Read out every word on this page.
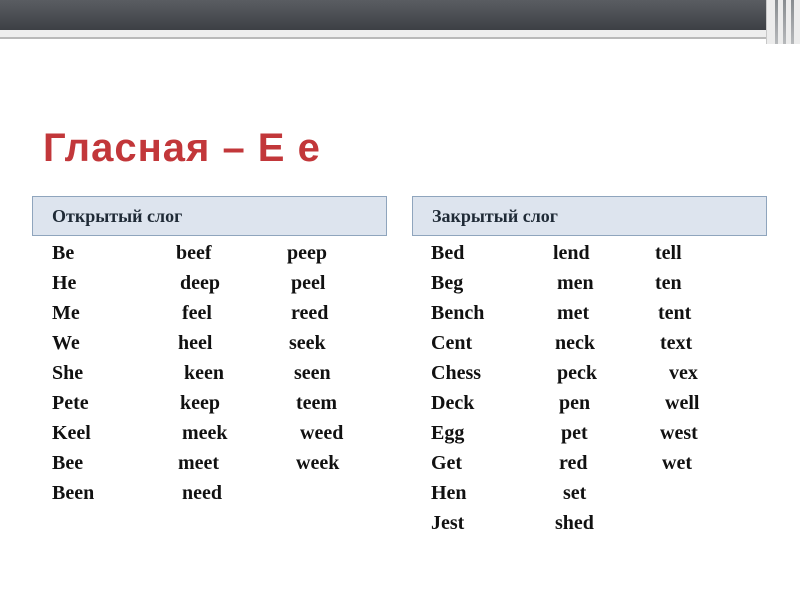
Гласная – Е е
Открытый слог	Закрытый слог
Be	beef	peep
He	deep	peel
Me	feel	reed
We	heel	seek
She	keen	seen
Pete	keep	teem
Keel	meek	weed
Bee	meet	week
Been	need
Bed	lend	tell
Beg	men	ten
Bench	met	tent
Cent	neck	text
Chess	peck	vex
Deck	pen	well
Egg	pet	west
Get	red	wet
Hen	set
Jest	shed
